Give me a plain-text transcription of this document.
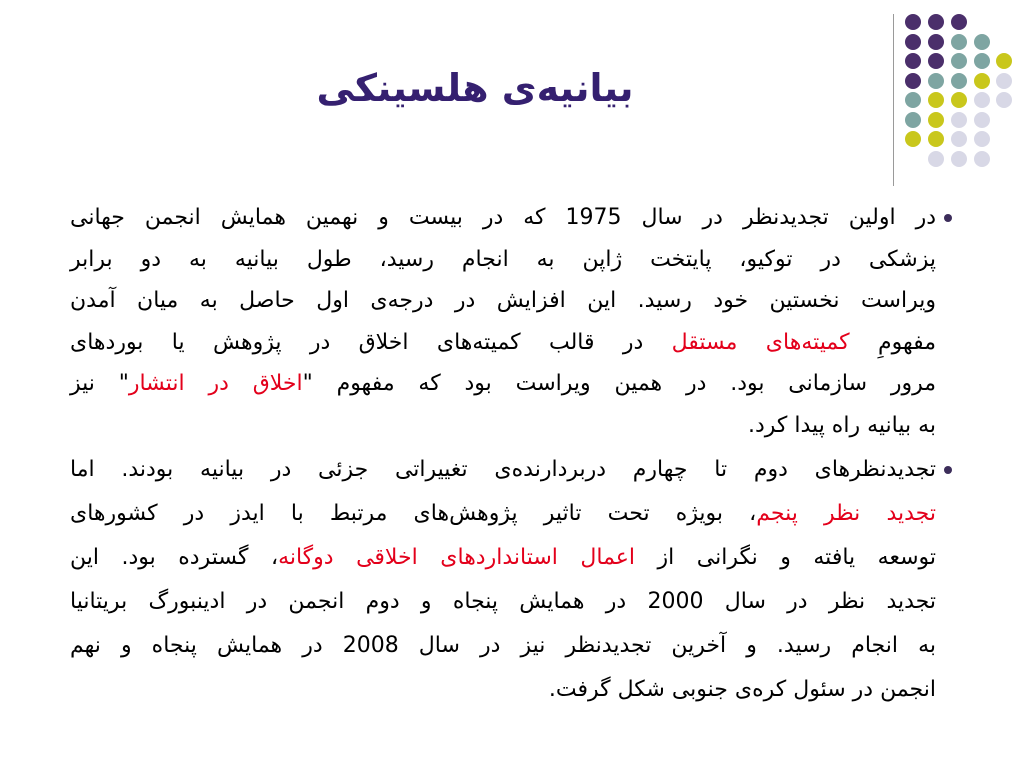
بیانیه‌ی هلسینکی
در اولین تجدیدنظر در سال 1975 که در بیست و نهمین همایش انجمن جهانی
پزشکی در توکیو، پایتخت ژاپن به انجام رسید، طول بیانیه به دو برابر
ویراست نخستین خود رسید. این افزایش در درجه‌ی اول حاصل به میان آمدن
مفهومِ کمیته‌های مستقل در قالب کمیته‌های اخلاق در پژوهش یا بوردهای
مرور سازمانی بود. در همین ویراست بود که مفهوم "اخلاق در انتشار" نیز
به بیانیه راه پیدا کرد.
تجدیدنظرهای دوم تا چهارم دربردارنده‌ی تغییراتی جزئی در بیانیه بودند. اما
تجدید نظر پنجم، بویژه تحت تاثیر پژوهش‌های مرتبط با ایدز در کشورهای
توسعه یافته و نگرانی از اعمال استانداردهای اخلاقی دوگانه، گسترده بود. این
تجدید نظر در سال 2000 در همایش پنجاه و دوم انجمن در ادینبورگ بریتانیا
به انجام رسید. و آخرین تجدیدنظر نیز در سال 2008 در همایش پنجاه و نهم
انجمن در سئول کره‌ی جنوبی شکل گرفت.
